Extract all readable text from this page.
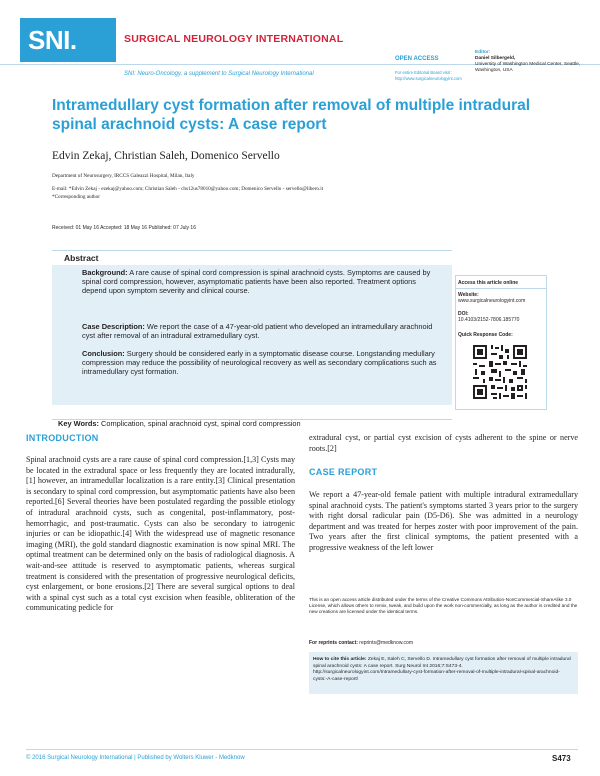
SNI.	SURGICAL NEUROLOGY INTERNATIONAL
SNI: Neuro-Oncology, a supplement to Surgical Neurology International
OPEN ACCESS
For entire Editorial Board visit :
http://www.surgicalneurologyint.com
Editor:
Daniel Silbergeld,
University of Washington Medical Center, Seattle, Washington, USA
Intramedullary cyst formation after removal of multiple intradural spinal arachnoid cysts: A case report
Edvin Zekaj, Christian Saleh, Domenico Servello
Department of Neurosurgery, IRCCS Galeazzi Hospital, Milan, Italy
E-mail: *Edvin Zekaj - ezekaj@yahoo.com; Christian Saleh - chs12us78010@yahoo.com; Domenico Servello - servello@libero.it
*Corresponding author
Received: 01 May 16 Accepted: 18 May 16 Published: 07 July 16
Abstract
Background: A rare cause of spinal cord compression is spinal arachnoid cysts. Symptoms are caused by spinal cord compression, however, asymptomatic patients have been also reported. Treatment options depend upon symptom severity and clinical course.
Case Description: We report the case of a 47-year-old patient who developed an intramedullary arachnoid cyst after removal of an intradural extramedullary cyst.
Conclusion: Surgery should be considered early in a symptomatic disease course. Longstanding medullary compression may reduce the possibility of neurological recovery as well as secondary complications such as intramedullary cyst formation.
Key Words: Complication, spinal arachnoid cyst, spinal cord compression
Access this article online
Website:
www.surgicalneurologyint.com
DOI:
10.4103/2152-7806.185770
Quick Response Code:
INTRODUCTION
Spinal arachnoid cysts are a rare cause of spinal cord compression.[1,3] Cysts may be located in the extradural space or less frequently they are located intradurally,[1] however, an intramedullar localization is a rare entity.[3] Clinical presentation is secondary to spinal cord compression, but asymptomatic patients have also been reported.[6] Several theories have been postulated regarding the possible etiology of intradural arachnoid cysts, such as congenital, post-inflammatory, post-hemorrhagic, and post-traumatic. Cysts can also be secondary to iatrogenic injuries or can be idiopathic.[4] With the widespread use of magnetic resonance imaging (MRI), the gold standard diagnostic examination is now spinal MRI. The optimal treatment can be determined only on the basis of radiological diagnosis. A wait-and-see attitude is reserved to asymptomatic patients, whereas surgical treatment is considered with the presentation of progressive neurological deficits, cyst enlargement, or bone erosions.[2] There are several surgical options to deal with a spinal cyst such as a total cyst excision when feasible, obliteration of the communicating pedicle for
extradural cyst, or partial cyst excision of cysts adherent to the spine or nerve roots.[2]
CASE REPORT
We report a 47-year-old female patient with multiple intradural extramedullary spinal arachnoid cysts. The patient's symptoms started 3 years prior to the surgery with right dorsal radicular pain (D5-D6). She was admitted in a neurology department and was treated for herpes zoster with poor improvement of the pain. Two years after the first clinical symptoms, the patient presented with a progressive weakness of the left lower
This is an open access article distributed under the terms of the Creative Commons Attribution-NonCommercial-ShareAlike 3.0 License, which allows others to remix, tweak, and build upon the work non-commercially, as long as the author is credited and the new creations are licensed under the identical terms.
For reprints contact: reprints@medknow.com
How to cite this article: Zekaj E, Saleh C, Servello D. Intramedullary cyst formation after removal of multiple intradural spinal arachnoid cysts: A case report. Surg Neurol Int 2016;7:S473-4.
http://surgicalneurologyint.com/Intramedullary-cyst-formation-after-removal-of-multiple-intradural-spinal-arachnoid-cysts:-A-case-report/
© 2016 Surgical Neurology International | Published by Wolters Kluwer - Medknow	S473
